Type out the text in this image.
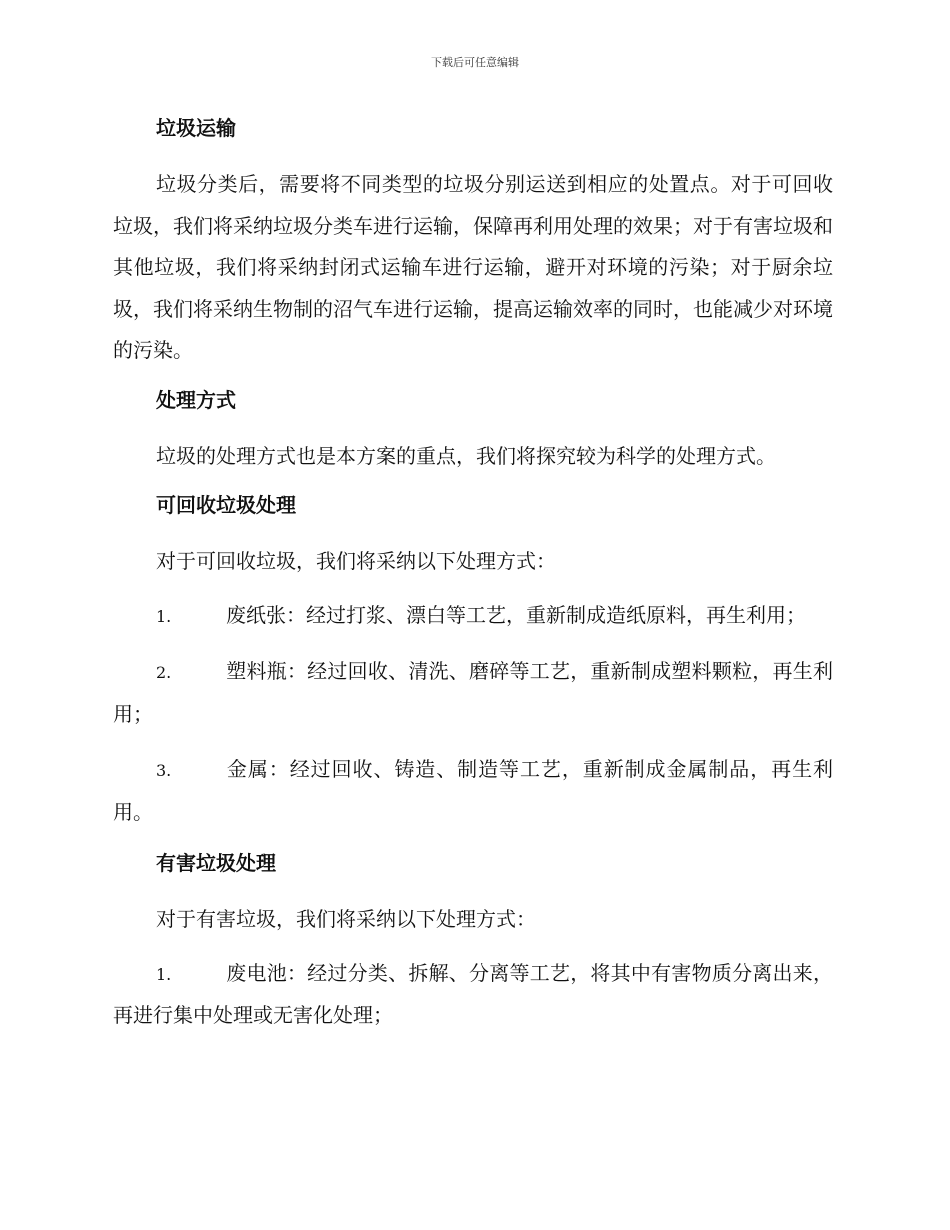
下载后可任意编辑
垃圾运输

垃圾分类后，需要将不同类型的垃圾分别运送到相应的处置点。对于可回收垃圾，我们将采纳垃圾分类车进行运输，保障再利用处理的效果；对于有害垃圾和其他垃圾，我们将采纳封闭式运输车进行运输，避开对环境的污染；对于厨余垃圾，我们将采纳生物制的沼气车进行运输，提高运输效率的同时，也能减少对环境的污染。

处理方式

垃圾的处理方式也是本方案的重点，我们将探究较为科学的处理方式。

可回收垃圾处理

对于可回收垃圾，我们将采纳以下处理方式：

1.	废纸张：经过打浆、漂白等工艺，重新制成造纸原料，再生利用；
2.	塑料瓶：经过回收、清洗、磨碎等工艺，重新制成塑料颗粒，再生利用；
3.	金属：经过回收、铸造、制造等工艺，重新制成金属制品，再生利用。
有害垃圾处理

对于有害垃圾，我们将采纳以下处理方式：

1.	废电池：经过分类、拆解、分离等工艺，将其中有害物质分离出来，再进行集中处理或无害化处理；
